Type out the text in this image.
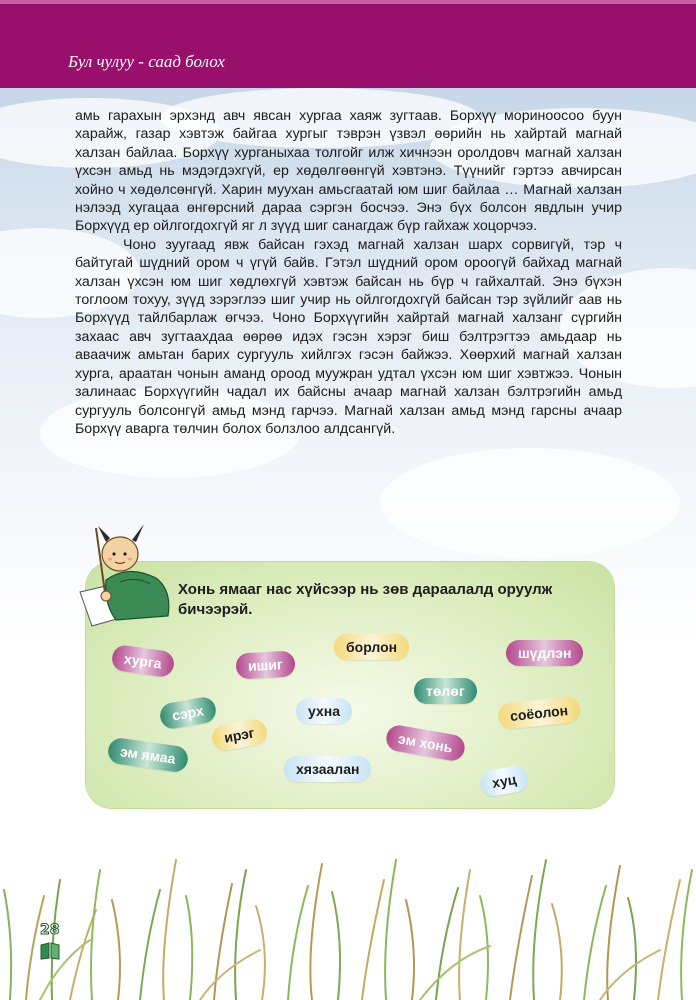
Бул чулуу - саад болох

амь гарахын эрхэнд авч явсан хургаа хаяж зугтаав. Борхүү мориноосоо буун харайж, газар хэвтэж байгаа хургыг тэврэн үзвэл өөрийн нь хайртай магнай халзан байлаа. Борхүү хурганыхаа толгойг илж хичнээн оролдовч магнай халзан үхсэн амьд нь мэдэгдэхгүй, ер хөдөлгөөнгүй хэвтэнэ. Түүнийг гэртээ авчирсан хойно ч хөдөлсөнгүй. Харин муухан амьсгаатай юм шиг байлаа … Магнай халзан нэлээд хугацаа өнгөрсний дараа сэргэн босчээ. Энэ бүх болсон явдлын учир Борхүүд ер ойлгогдохгүй яг л зүүд шиг санагдаж бүр гайхаж хоцорчээ.

Чоно зуугаад явж байсан гэхэд магнай халзан шарх сорвигүй, тэр ч байтугай шүдний ором ч үгүй байв. Гэтэл шүдний ором ороогүй байхад магнай халзан үхсэн юм шиг хөдлөхгүй хэвтэж байсан нь бүр ч гайхалтай. Энэ бүхэн тоглоом тохуу, зүүд зэрэглээ шиг учир нь ойлгогдохгүй байсан тэр зүйлийг аав нь Борхүүд тайлбарлаж өгчээ. Чоно Борхүүгийн хайртай магнай халзанг сүргийн захаас авч зугтаахдаа өөрөө идэх гэсэн хэрэг биш бэлтрэгтээ амьдаар нь аваачиж амьтан барих сургууль хийлгэх гэсэн байжээ. Хөөрхий магнай халзан хурга, араатан чонын аманд ороод муужран удтал үхсэн юм шиг хэвтжээ. Чонын залинаас Борхүүгийн чадал их байсны ачаар магнай халзан бэлтрэгийн амьд сургууль болсонгүй амьд мэнд гарчээ. Магнай халзан амьд мэнд гарсны ачаар Борхүү аварга төлчин болох болзлоо алдсангүй.

Хонь ямааг нас хүйсээр нь зөв дараалалд оруулж бичээрэй.
хурга	ишиг
борлон	шүдлэн
төлөг
сэрх	ухна	соёолон
ирэг	эм хонь
эм ямаа
хязаалан
хуц
28
